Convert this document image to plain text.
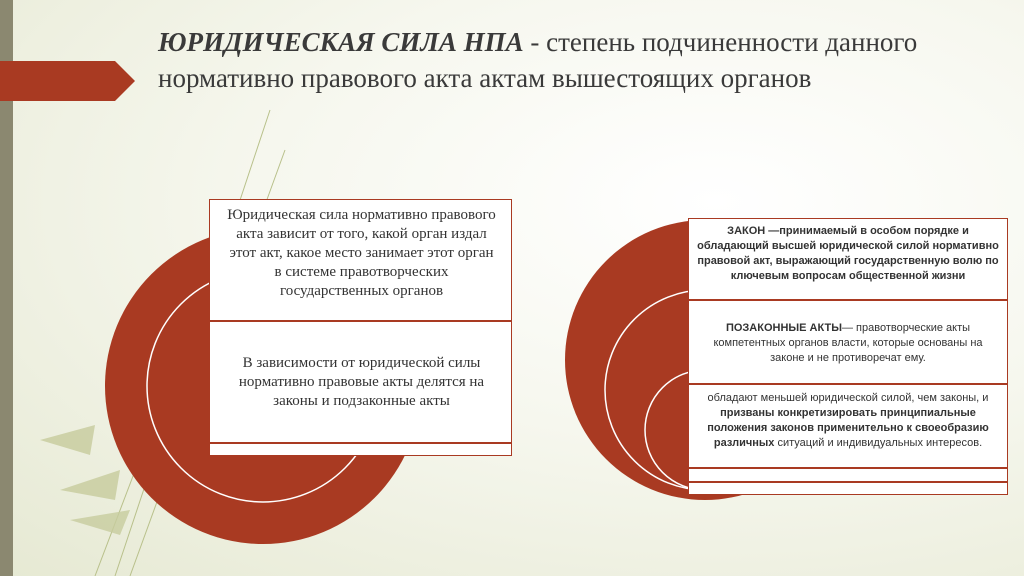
ЮРИДИЧЕСКАЯ СИЛА НПА - степень подчиненности данного нормативно правового акта актам вышестоящих органов
Юридическая сила нормативно правового акта зависит от того, какой орган издал этот акт, какое место занимает этот орган в системе правотворческих государственных органов
В зависимости от юридической силы нормативно правовые акты делятся на законы и подзаконные акты
ЗАКОН —принимаемый в особом порядке и обладающий высшей юридической силой нормативно правовой акт, выражающий государственную волю по ключевым вопросам общественной жизни
ПОЗАКОННЫЕ АКТЫ— правотворческие акты компетентных органов власти, которые основаны на законе и не противоречат ему.
обладают меньшей юридической силой, чем законы, и призваны конкретизировать принципиальные положения законов применительно к своеобразию различных ситуаций и индивидуальных интересов.
